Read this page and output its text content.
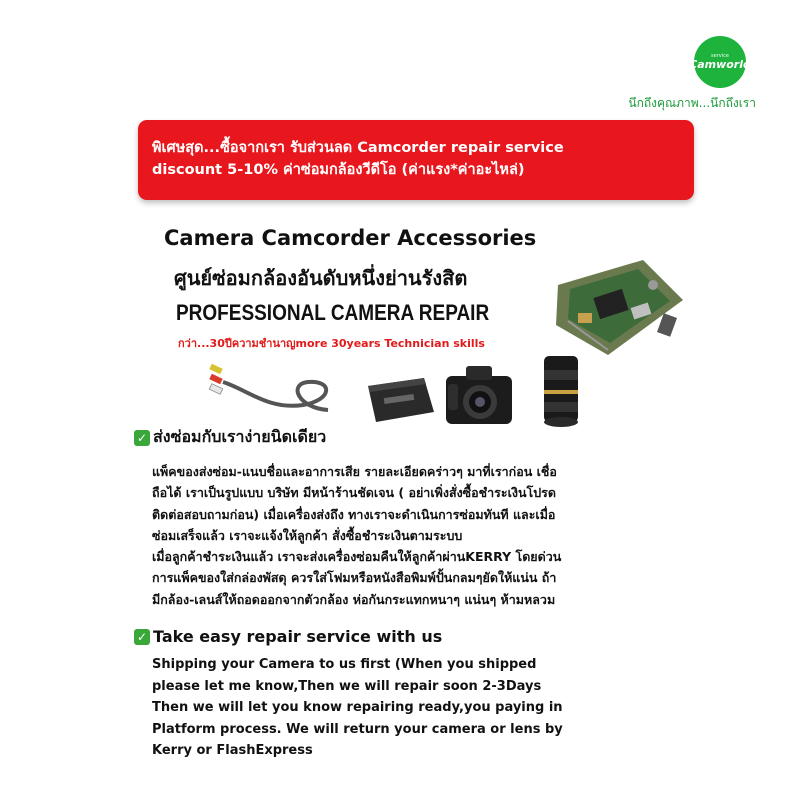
service
Camworld
นึกถึงคุณภาพ...นึกถึงเรา
พิเศษสุด...ซื้อจากเรา รับส่วนลด Camcorder repair service
discount 5-10% ค่าซ่อมกล้องวีดีโอ (ค่าแรง*ค่าอะไหล่)
Camera Camcorder Accessories
ศูนย์ซ่อมกล้องอันดับหนึ่งย่านรังสิต
PROFESSIONAL CAMERA REPAIR
กว่า...30ปีความชำนาญmore 30years Technician skills
✓ ส่งซ่อมกับเราง่ายนิดเดียว
แพ็คของส่งซ่อม-แนบชื่อและอาการเสีย รายละเอียดคร่าวๆ มาที่เราก่อน เชื่อ
ถือได้ เราเป็นรูปแบบ บริษัท มีหน้าร้านชัดเจน ( อย่าเพิ่งสั่งซื้อชำระเงินโปรด
ติดต่อสอบถามก่อน) เมื่อเครื่องส่งถึง ทางเราจะดำเนินการซ่อมทันที และเมื่อ
ซ่อมเสร็จแล้ว เราจะแจ้งให้ลูกค้า สั่งซื้อชำระเงินตามระบบ
เมื่อลูกค้าชำระเงินแล้ว เราจะส่งเครื่องซ่อมคืนให้ลูกค้าผ่านKERRY โดยด่วน
การแพ็คของใส่กล่องพัสดุ ควรใส่โฟมหรือหนังสือพิมพ์ปั้นกลมๆยัดให้แน่น ถ้า
มีกล้อง-เลนส์ให้ถอดออกจากตัวกล้อง ห่อกันกระแทกหนาๆ แน่นๆ ห้ามหลวม
✓ Take easy repair service with us
Shipping your Camera to us first (When you shipped
please let me know,Then we will repair soon 2-3Days
Then we will let you know repairing ready,you paying in
Platform process. We will return your camera or lens by
Kerry or FlashExpress
